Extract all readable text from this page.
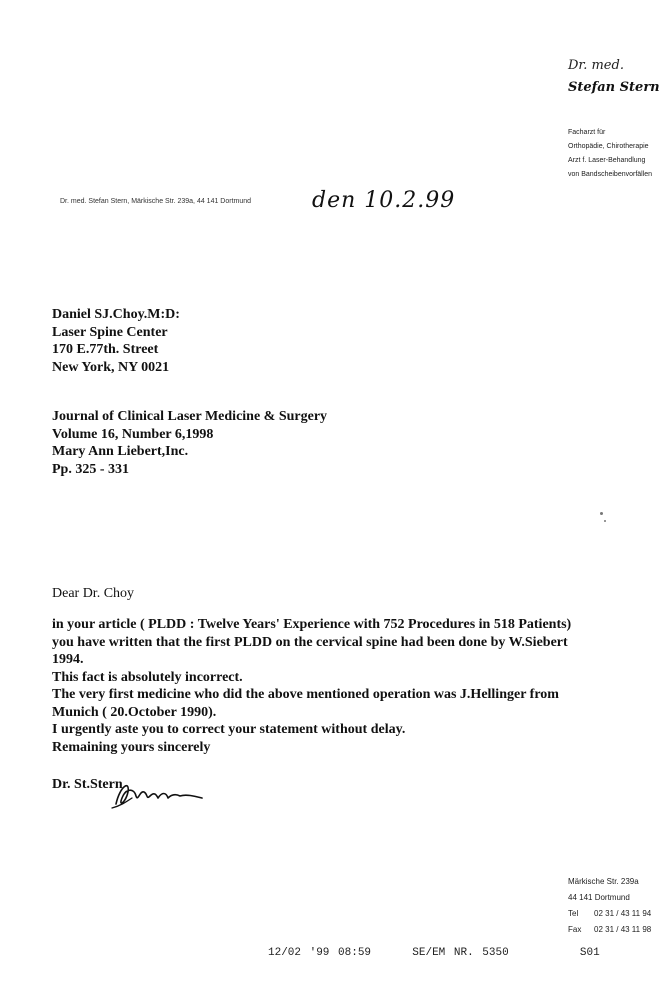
Dr. med.
Stefan Stern
Facharzt für
Orthopädie, Chirotherapie
Arzt f. Laser-Behandlung
von Bandscheibenvorfällen
Dr. med. Stefan Stern, Märkische Str. 239a, 44 141 Dortmund	den 10.2.99
Daniel SJ.Choy.M:D:
Laser Spine Center
170 E.77th. Street
New York, NY 0021
Journal of Clinical Laser Medicine & Surgery
Volume 16, Number 6,1998
Mary Ann Liebert,Inc.
Pp. 325 - 331
Dear Dr. Choy
in your article ( PLDD : Twelve Years' Experience with 752 Procedures in 518 Patients)
you have written that the first PLDD on the cervical spine had been done by W.Siebert
1994.
This fact is absolutely incorrect.
The very first medicine who did the above mentioned operation was J.Hellinger from
Munich ( 20.October 1990).
I urgently aste you to correct your statement without delay.
Remaining yours sincerely
Dr. St.Stern
Märkische Str. 239a
44 141 Dortmund
Tel 02 31 / 43 11 94
Fax 02 31 / 43 11 98
12/02 '99 08:59	SE/EM NR. 5350	S01
